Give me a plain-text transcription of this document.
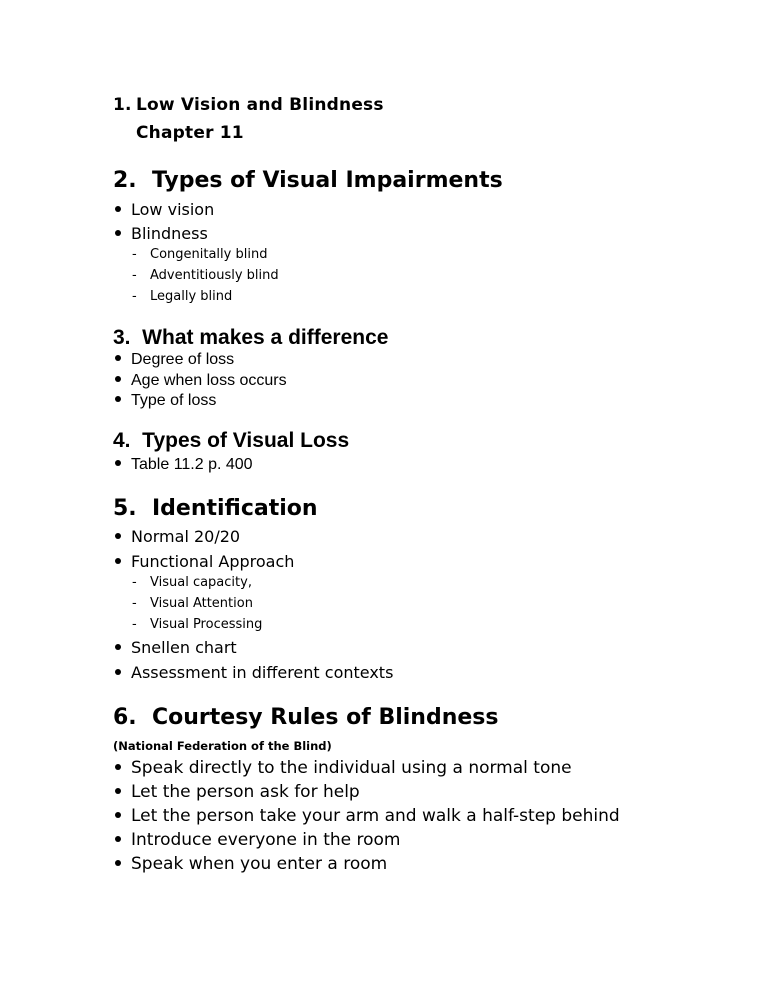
1. Low Vision and Blindness
Chapter 11
2.  Types of Visual Impairments
Low vision
Blindness
- Congenitally blind
- Adventitiously blind
- Legally blind
3.  What makes a difference
Degree of loss
Age when loss occurs
Type of loss
4.  Types of Visual Loss
Table 11.2 p. 400
5.  Identification
Normal 20/20
Functional Approach
- Visual capacity,
- Visual Attention
- Visual Processing
Snellen chart
Assessment in different contexts
6.  Courtesy Rules of Blindness
(National Federation of the Blind)
Speak directly to the individual using a normal tone
Let the person ask for help
Let the person take your arm and walk a half-step behind
Introduce everyone in the room
Speak when you enter a room
